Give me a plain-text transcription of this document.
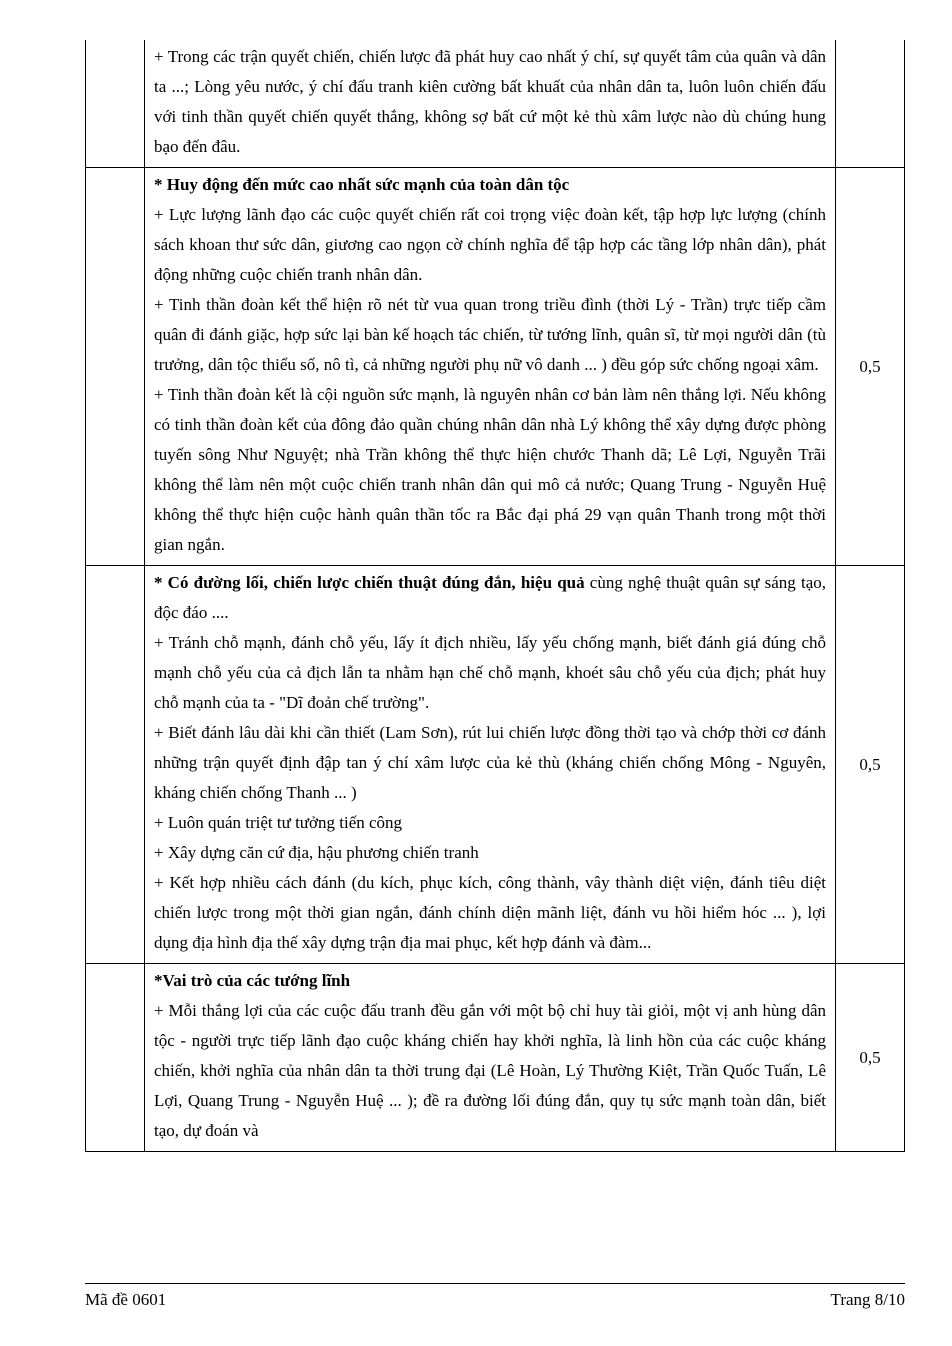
+ Trong các trận quyết chiến, chiến lược đã phát huy cao nhất ý chí, sự quyết tâm của quân và dân ta ...; Lòng yêu nước, ý chí đấu tranh kiên cường bất khuất của nhân dân ta, luôn luôn chiến đấu với tinh thần quyết chiến quyết thắng, không sợ bất cứ một kẻ thù xâm lược nào dù chúng hung bạo đến đâu.

* Huy động đến mức cao nhất sức mạnh của toàn dân tộc

+ Lực lượng lãnh đạo các cuộc quyết chiến rất coi trọng việc đoàn kết, tập hợp lực lượng (chính sách khoan thư sức dân, giương cao ngọn cờ chính nghĩa để tập hợp các tầng lớp nhân dân), phát động những cuộc chiến tranh nhân dân.

+ Tinh thần đoàn kết thể hiện rõ nét từ vua quan trong triều đình (thời Lý - Trần) trực tiếp cầm quân đi đánh giặc, hợp sức lại bàn kế hoạch tác chiến, từ tướng lĩnh, quân sĩ, từ mọi người dân (tù trưởng, dân tộc thiểu số, nô tì, cả những người phụ nữ vô danh ... ) đều góp sức chống ngoại xâm.

+ Tinh thần đoàn kết là cội nguồn sức mạnh, là nguyên nhân cơ bản làm nên thắng lợi. Nếu không có tinh thần đoàn kết của đông đảo quần chúng nhân dân nhà Lý không thể xây dựng được phòng tuyến sông Như Nguyệt; nhà Trần không thể thực hiện chước Thanh dã; Lê Lợi, Nguyễn Trãi không thể làm nên một cuộc chiến tranh nhân dân qui mô cả nước; Quang Trung - Nguyễn Huệ không thể thực hiện cuộc hành quân thần tốc ra Bắc đại phá 29 vạn quân Thanh trong một thời gian ngắn.

0,5

* Có đường lối, chiến lược chiến thuật đúng đắn, hiệu quả cùng nghệ thuật quân sự sáng tạo, độc đáo ....

+ Tránh chỗ mạnh, đánh chỗ yếu, lấy ít địch nhiều, lấy yếu chống mạnh, biết đánh giá đúng chỗ mạnh chỗ yếu của cả địch lẫn ta nhằm hạn chế chỗ mạnh, khoét sâu chỗ yếu của địch; phát huy chỗ mạnh của ta - "Dĩ đoản chế trường".

+ Biết đánh lâu dài khi cần thiết (Lam Sơn), rút lui chiến lược đồng thời tạo và chớp thời cơ đánh những trận quyết định đập tan ý chí xâm lược của kẻ thù (kháng chiến chống Mông - Nguyên, kháng chiến chống Thanh ... )

+ Luôn quán triệt tư tưởng tiến công

+ Xây dựng căn cứ địa, hậu phương chiến tranh

+ Kết hợp nhiều cách đánh (du kích, phục kích, công thành, vây thành diệt viện, đánh tiêu diệt chiến lược trong một thời gian ngắn, đánh chính diện mãnh liệt, đánh vu hồi hiểm hóc ... ), lợi dụng địa hình địa thế xây dựng trận địa mai phục, kết hợp đánh và đàm...

0,5

*Vai trò của các tướng lĩnh

+ Mỗi thắng lợi của các cuộc đấu tranh đều gắn với một bộ chỉ huy tài giỏi, một vị anh hùng dân tộc - người trực tiếp lãnh đạo cuộc kháng chiến hay khởi nghĩa, là linh hồn của các cuộc kháng chiến, khởi nghĩa của nhân dân ta thời trung đại (Lê Hoàn, Lý Thường Kiệt, Trần Quốc Tuấn, Lê Lợi, Quang Trung - Nguyễn Huệ ... ); đề ra đường lối đúng đắn, quy tụ sức mạnh toàn dân, biết tạo, dự đoán và

0,5
Mã đề 0601	Trang 8/10
